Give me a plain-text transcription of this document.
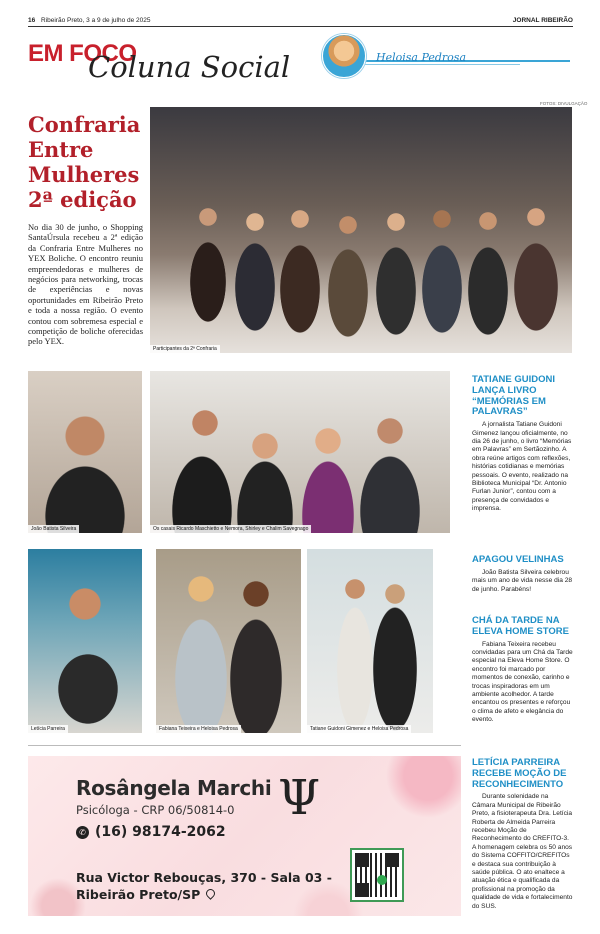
16 Ribeirão Preto, 3 a 9 de julho de 2025	JORNAL RIBEIRÃO
EM FOCO
Coluna Social	Heloisa Pedrosa
Confraria
Entre
Mulheres
2ª edição

No dia 30 de junho, o Shopping SantaÚrsula recebeu a 2ª edição da Confraria Entre Mulheres no YEX Boliche. O encontro reuniu empreendedoras e mulheres de negócios para networking, trocas de experiências e novas oportunidades em Ribeirão Preto e toda a nossa região. O evento contou com sobremesa especial e competição de boliche oferecidas pelo YEX.

FOTOS: DIVULGAÇÃO
Participantes da 2ª Confraria
João Batista Silveira	Os casais Ricardo Maschietto e Nemora, Shirley e Chalim Savegnago
Letícia Parreira	Fabiana Teixeira e Heloisa Pedrosa	Tatiane Guidoni Gimenez e Heloisa Pedrosa
TATIANE GUIDONI LANÇA LIVRO “MEMÓRIAS EM PALAVRAS”

A jornalista Tatiane Guidoni Gimenez lançou oficialmente, no dia 26 de junho, o livro “Memórias em Palavras” em Sertãozinho. A obra reúne artigos com reflexões, histórias cotidianas e memórias pessoais. O evento, realizado na Biblioteca Municipal “Dr. Antonio Furlan Junior”, contou com a presença de convidados e imprensa.

APAGOU VELINHAS

João Batista Silveira celebrou mais um ano de vida nesse dia 28 de junho. Parabéns!

CHÁ DA TARDE NA ELEVA HOME STORE

Fabiana Teixeira recebeu convidadas para um Chá da Tarde especial na Eleva Home Store. O encontro foi marcado por momentos de conexão, carinho e trocas inspiradoras em um ambiente acolhedor. A tarde encantou os presentes e reforçou o clima de afeto e elegância do evento.

LETÍCIA PARREIRA RECEBE MOÇÃO DE RECONHECIMENTO

Durante solenidade na Câmara Municipal de Ribeirão Preto, a fisioterapeuta Dra. Letícia Roberta de Almeida Parreira recebeu Moção de Reconhecimento do CREFITO-3. A homenagem celebra os 50 anos do Sistema COFFITO/CREFITOs e destaca sua contribuição à saúde pública. O ato enaltece a atuação ética e qualificada da profissional na promoção da qualidade de vida e fortalecimento do SUS.

Rosângela Marchi
Psicóloga - CRP 06/50814-0 Ψ
✆ (16) 98174-2062
Rua Victor Rebouças, 370 - Sala 03 -
Ribeirão Preto/SP
